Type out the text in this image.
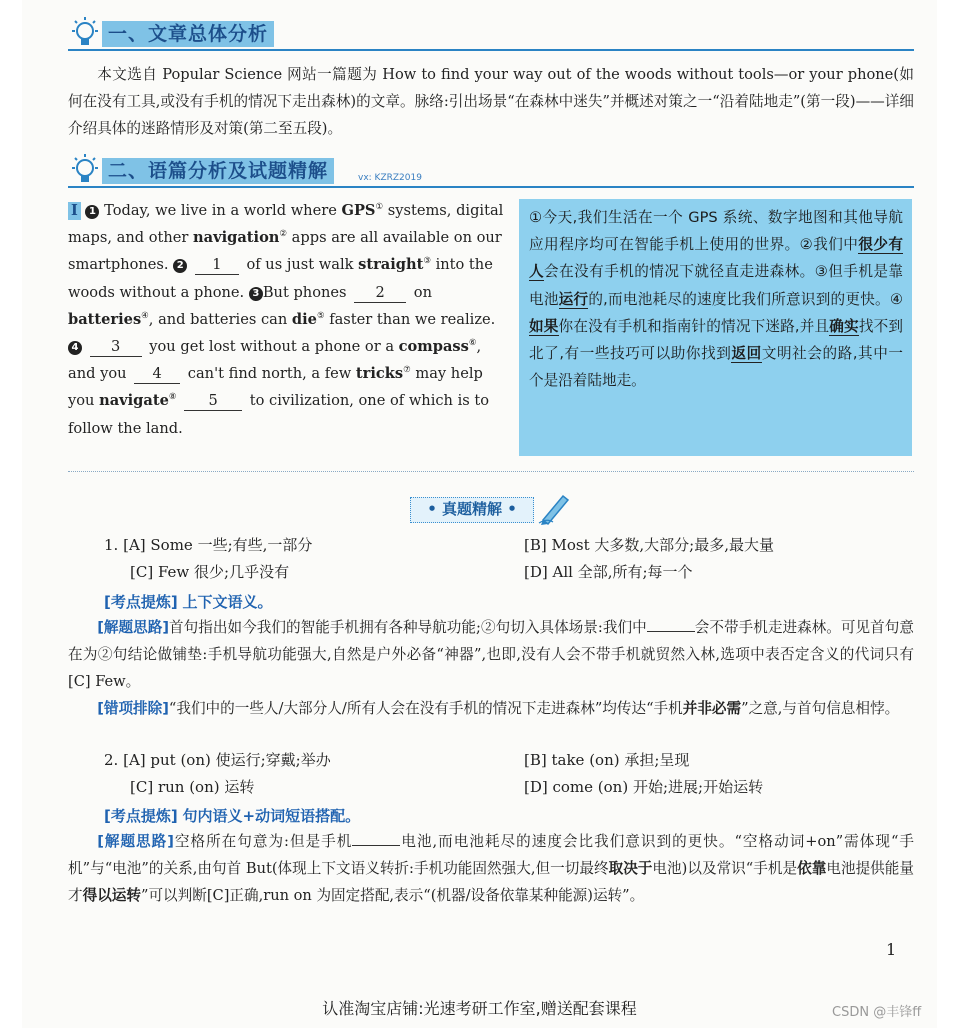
一、文章总体分析
本文选自 Popular Science 网站一篇题为 How to find your way out of the woods without tools—or your phone(如何在没有工具,或没有手机的情况下走出森林)的文章。脉络:引出场景“在森林中迷失”并概述对策之一“沿着陆地走”(第一段)——详细介绍具体的迷路情形及对策(第二至五段)。
二、语篇分析及试题精解	vx: KZRZ2019
Ⅰ 1 Today, we live in a world where GPS① systems, digital maps, and other navigation② apps are all available on our smartphones. 2 1 of us just walk straight③ into the woods without a phone. 3 But phones 2 on batteries④, and batteries can die⑤ faster than we realize. 4 3 you get lost without a phone or a compass⑥, and you 4 can't find north, a few tricks⑦ may help you navigate⑧ 5 to civilization, one of which is to follow the land.
①今天,我们生活在一个 GPS 系统、数字地图和其他导航应用程序均可在智能手机上使用的世界。②我们中很少有人会在没有手机的情况下就径直走进森林。③但手机是靠电池运行的,而电池耗尽的速度比我们所意识到的更快。④如果你在没有手机和指南针的情况下迷路,并且确实找不到北了,有一些技巧可以助你找到返回文明社会的路,其中一个是沿着陆地走。
• 真题精解 •
1. [A] Some 一些;有些,一部分	[B] Most 大多数,大部分;最多,最大量
[C] Few 很少;几乎没有	[D] All 全部,所有;每一个
[考点提炼] 上下文语义。
[解题思路]首句指出如今我们的智能手机拥有各种导航功能;②句切入具体场景:我们中	会不带手机走进森林。可见首句意在为②句结论做铺垫:手机导航功能强大,自然是户外必备“神器”,也即,没有人会不带手机就贸然入林,选项中表否定含义的代词只有[C] Few。
[错项排除]“我们中的一些人/大部分人/所有人会在没有手机的情况下走进森林”均传达“手机并非必需”之意,与首句信息相悖。
2. [A] put (on) 使运行;穿戴;举办	[B] take (on) 承担;呈现
[C] run (on) 运转	[D] come (on) 开始;进展;开始运转
[考点提炼] 句内语义+动词短语搭配。
[解题思路]空格所在句意为:但是手机	电池,而电池耗尽的速度会比我们意识到的更快。“空格动词+on”需体现“手机”与“电池”的关系,由句首 But(体现上下文语义转折:手机功能固然强大,但一切最终取决于电池)以及常识“手机是依靠电池提供能量才得以运转”可以判断[C]正确,run on 为固定搭配,表示“(机器/设备依靠某种能源)运转”。
1
认准淘宝店铺:光速考研工作室,赠送配套课程	CSDN @丰锋ff
